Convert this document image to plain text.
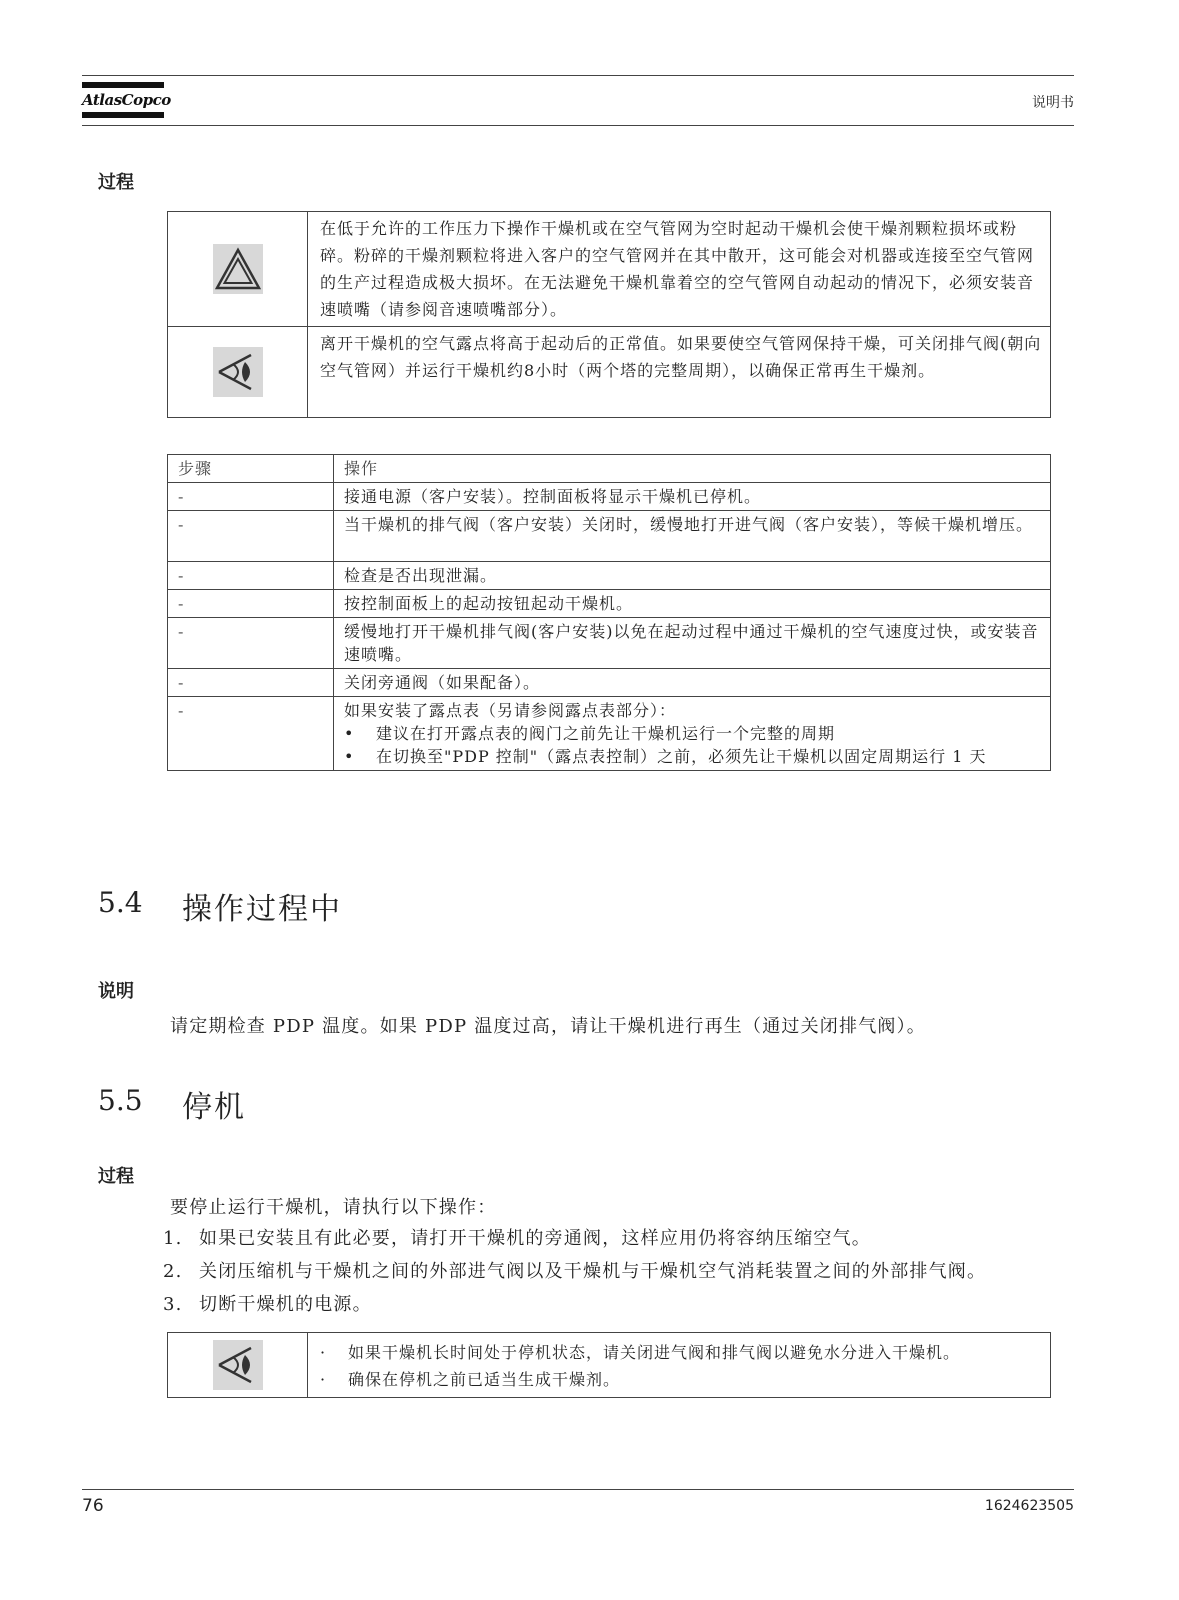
AtlasCopco	说明书
过程
	在低于允许的工作压力下操作干燥机或在空气管网为空时起动干燥机会使干燥剂颗粒损坏或粉碎。粉碎的干燥剂颗粒将进入客户的空气管网并在其中散开，这可能会对机器或连接至空气管网的生产过程造成极大损坏。在无法避免干燥机靠着空的空气管网自动起动的情况下，必须安装音速喷嘴（请参阅音速喷嘴部分）。
	离开干燥机的空气露点将高于起动后的正常值。如果要使空气管网保持干燥，可关闭排气阀(朝向空气管网）并运行干燥机约8小时（两个塔的完整周期），以确保正常再生干燥剂。
步骤	操作
-	接通电源（客户安装）。控制面板将显示干燥机已停机。
-	当干燥机的排气阀（客户安装）关闭时，缓慢地打开进气阀（客户安装），等候干燥机增压。
-	检查是否出现泄漏。
-	按控制面板上的起动按钮起动干燥机。
-	缓慢地打开干燥机排气阀(客户安装)以免在起动过程中通过干燥机的空气速度过快，或安装音速喷嘴。
-	关闭旁通阀（如果配备）。
-	如果安装了露点表（另请参阅露点表部分）：
• 建议在打开露点表的阀门之前先让干燥机运行一个完整的周期
• 在切换至"PDP 控制"（露点表控制）之前，必须先让干燥机以固定周期运行 1 天
5.4 操作过程中
说明
请定期检查 PDP 温度。如果 PDP 温度过高，请让干燥机进行再生（通过关闭排气阀）。
5.5 停机
过程
要停止运行干燥机，请执行以下操作：
1. 如果已安装且有此必要，请打开干燥机的旁通阀，这样应用仍将容纳压缩空气。
2. 关闭压缩机与干燥机之间的外部进气阀以及干燥机与干燥机空气消耗装置之间的外部排气阀。
3. 切断干燥机的电源。

· 如果干燥机长时间处于停机状态，请关闭进气阀和排气阀以避免水分进入干燥机。
· 确保在停机之前已适当生成干燥剂。
76	1624623505
